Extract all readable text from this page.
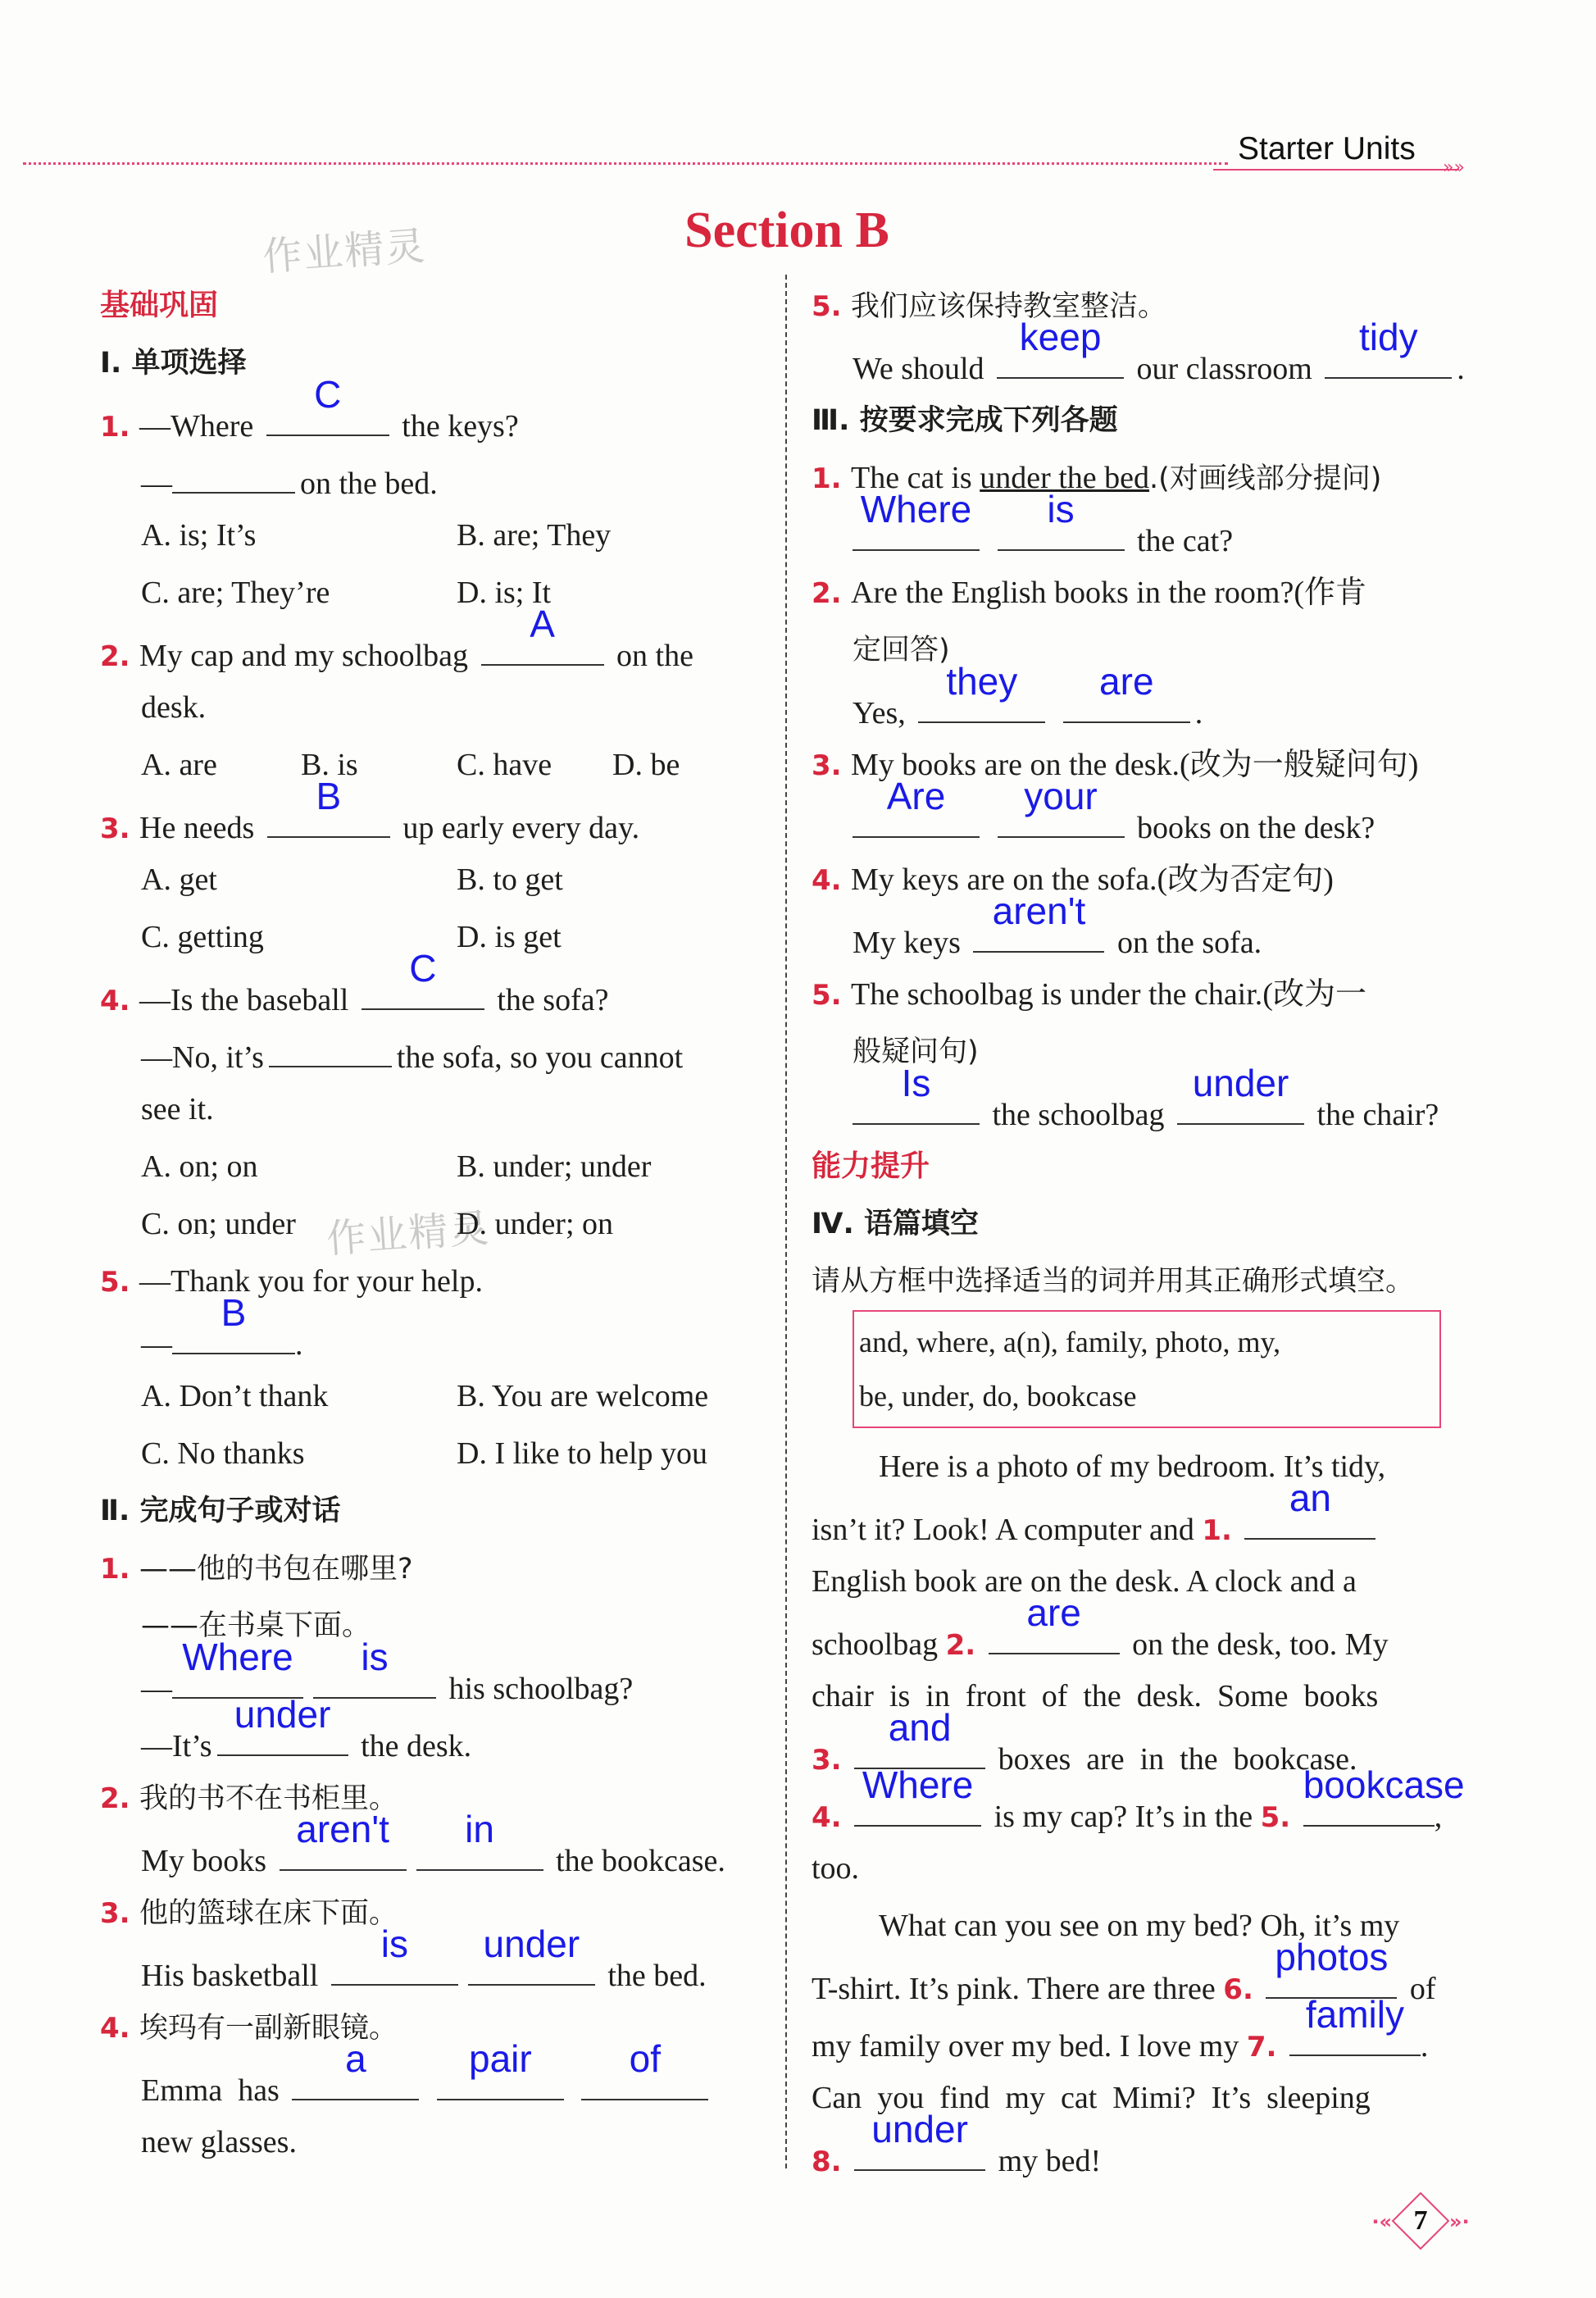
»»
Starter Units
Section B
作业精灵
作业精灵
基础巩固
Ⅰ. 单项选择
1. —Where
C
the keys?
—	on the bed.
A. is; It’s	B. are; They
C. are; They’re	D. is; It
2. My cap and my schoolbag
A
on the
desk.
A. are	B. is	C. have D. be
3. He needs
B
up early every day.
A. get	B. to get
C. getting	D. is get
4. —Is the baseball
C
the sofa?
—No, it’s	the sofa, so you cannot
see it.
A. on; on	B. under; under
C. on; under	D. under; on
5. —Thank you for your help.
—
B
.
A. Don’t thank	B. You are welcome
C. No thanks	D. I like to help you
Ⅱ. 完成句子或对话
1. ——他的书包在哪里?
——在书桌下面。
—
Where	is
his schoolbag?
—It’s
under
the desk.
2. 我的书不在书柜里。
My books
aren't	in
the bookcase.
3. 他的篮球在床下面。
His basketball
is	under
the bed.
4. 埃玛有一副新眼镜。
Emma  has
a
	pair
	of
new glasses.
5. 我们应该保持教室整洁。
We should
keep
our classroom
tidy
.
Ⅲ. 按要求完成下列各题
1. The cat is under the bed.(对画线部分提问)
Where
	is
the cat?
2. Are the English books in the room?(作肯
定回答)
Yes,
they
	are
.
3. My books are on the desk.(改为一般疑问句)
Are
	your
books on the desk?
4. My keys are on the sofa.(改为否定句)
My keys
aren't
on the sofa.
5. The schoolbag is under the chair.(改为一
般疑问句)
Is
the schoolbag
under
the chair?
能力提升
Ⅳ. 语篇填空
请从方框中选择适当的词并用其正确形式填空。
and, where, a(n), family, photo, my,
be, under, do, bookcase
Here is a photo of my bedroom. It’s tidy,
isn’t it? Look! A computer and 1.
an
English book are on the desk. A clock and a
schoolbag 2.
are
on the desk, too. My
chair  is  in  front  of  the  desk.  Some  books
3.
and
boxes  are  in  the  bookcase.
4.
Where
is my cap? It’s in the 5.
bookcase
,
too.
What can you see on my bed? Oh, it’s my
T-shirt. It’s pink. There are three 6.
photos
of
my family over my bed. I love my 7.
family
.
Can  you  find  my  cat  Mimi?  It’s  sleeping
8.
under
my bed!
·« 7	»·
